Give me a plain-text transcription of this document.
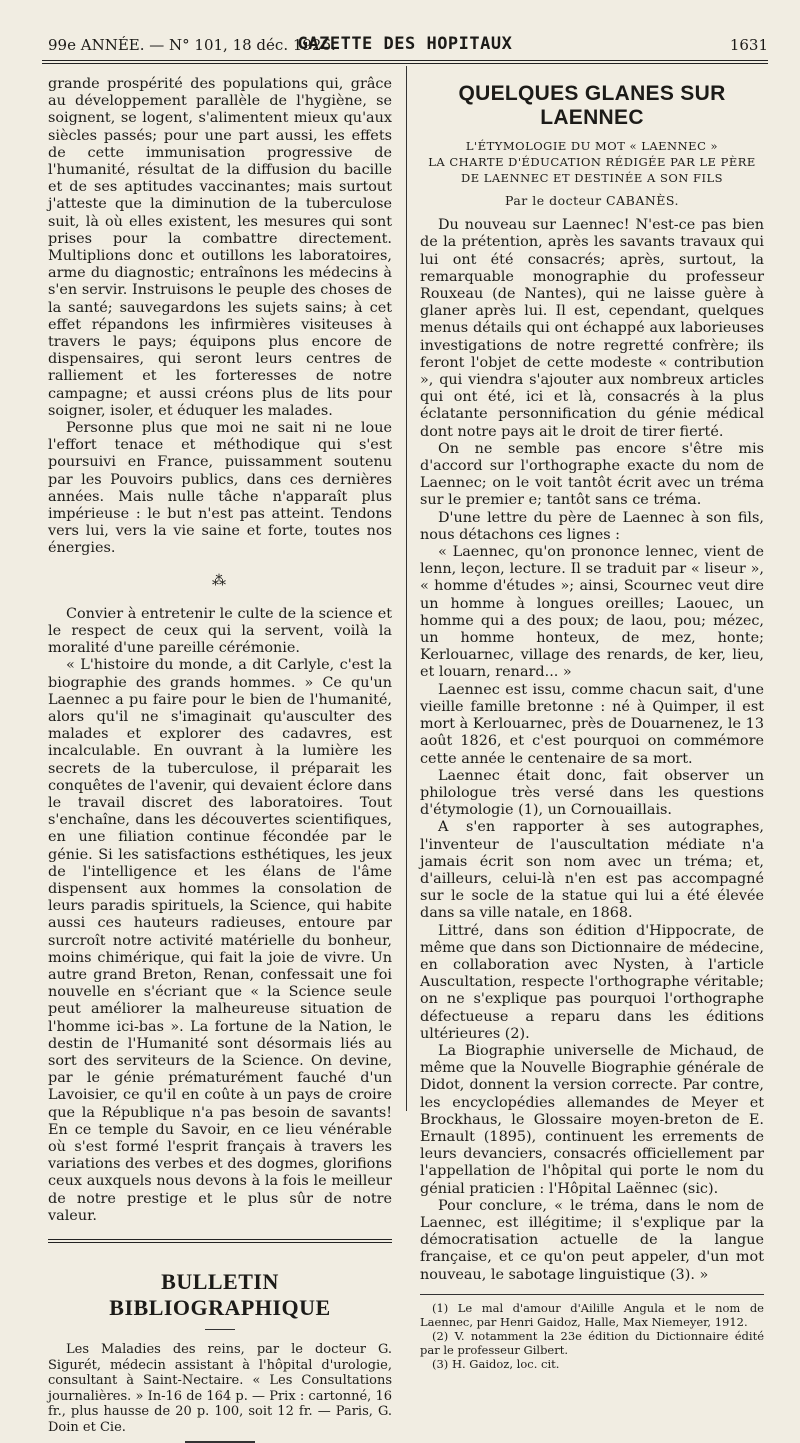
99e ANNÉE. — N° 101, 18 déc. 1926.
GAZETTE DES HOPITAUX	1631

grande prospérité des populations qui, grâce au développement parallèle de l'hygiène, se soignent, se logent, s'alimentent mieux qu'aux siècles passés; pour une part aussi, les effets de cette immunisation progressive de l'humanité, résultat de la diffusion du bacille et de ses aptitudes vaccinantes; mais surtout j'atteste que la diminution de la tuberculose suit, là où elles existent, les mesures qui sont prises pour la combattre directement. Multiplions donc et outillons les laboratoires, arme du diagnostic; entraînons les médecins à s'en servir. Instruisons le peuple des choses de la santé; sauvegardons les sujets sains; à cet effet répandons les infirmières visiteuses à travers le pays; équipons plus encore de dispensaires, qui seront leurs centres de ralliement et les forteresses de notre campagne; et aussi créons plus de lits pour soigner, isoler, et éduquer les malades.

Personne plus que moi ne sait ni ne loue l'effort tenace et méthodique qui s'est poursuivi en France, puissamment soutenu par les Pouvoirs publics, dans ces dernières années. Mais nulle tâche n'apparaît plus impérieuse : le but n'est pas atteint. Tendons vers lui, vers la vie saine et forte, toutes nos énergies.

⁂

Convier à entretenir le culte de la science et le respect de ceux qui la servent, voilà la moralité d'une pareille cérémonie.

« L'histoire du monde, a dit Carlyle, c'est la biographie des grands hommes. » Ce qu'un Laennec a pu faire pour le bien de l'humanité, alors qu'il ne s'imaginait qu'ausculter des malades et explorer des cadavres, est incalculable. En ouvrant à la lumière les secrets de la tuberculose, il préparait les conquêtes de l'avenir, qui devaient éclore dans le travail discret des laboratoires. Tout s'enchaîne, dans les découvertes scientifiques, en une filiation continue fécondée par le génie. Si les satisfactions esthétiques, les jeux de l'intelligence et les élans de l'âme dispensent aux hommes la consolation de leurs paradis spirituels, la Science, qui habite aussi ces hauteurs radieuses, entoure par surcroît notre activité matérielle du bonheur, moins chimérique, qui fait la joie de vivre. Un autre grand Breton, Renan, confessait une foi nouvelle en s'écriant que « la Science seule peut améliorer la malheureuse situation de l'homme ici-bas ». La fortune de la Nation, le destin de l'Humanité sont désormais liés au sort des serviteurs de la Science. On devine, par le génie prématurément fauché d'un Lavoisier, ce qu'il en coûte à un pays de croire que la République n'a pas besoin de savants! En ce temple du Savoir, en ce lieu vénérable où s'est formé l'esprit français à travers les variations des verbes et des dogmes, glorifions ceux auxquels nous devons à la fois le meilleur de notre prestige et le plus sûr de notre valeur.

BULLETIN BIBLIOGRAPHIQUE

Les Maladies des reins, par le docteur G. Sigurét, médecin assistant à l'hôpital d'urologie, consultant à Saint-Nectaire. « Les Consultations journalières. » In-16 de 164 p. — Prix : cartonné, 16 fr., plus hausse de 20 p. 100, soit 12 fr. — Paris, G. Doin et Cie.

QUELQUES GLANES SUR LAENNEC
L'ÉTYMOLOGIE DU MOT « LAENNEC »
LA CHARTE D'ÉDUCATION RÉDIGÉE PAR LE PÈRE DE LAENNEC ET DESTINÉE A SON FILS
Par le docteur CABANÈS.

Du nouveau sur Laennec! N'est-ce pas bien de la prétention, après les savants travaux qui lui ont été consacrés; après, surtout, la remarquable monographie du professeur Rouxeau (de Nantes), qui ne laisse guère à glaner après lui. Il est, cependant, quelques menus détails qui ont échappé aux laborieuses investigations de notre regretté confrère; ils feront l'objet de cette modeste « contribution », qui viendra s'ajouter aux nombreux articles qui ont été, ici et là, consacrés à la plus éclatante personnification du génie médical dont notre pays ait le droit de tirer fierté.

On ne semble pas encore s'être mis d'accord sur l'orthographe exacte du nom de Laennec; on le voit tantôt écrit avec un tréma sur le premier e; tantôt sans ce tréma.

D'une lettre du père de Laennec à son fils, nous détachons ces lignes :

« Laennec, qu'on prononce lennec, vient de lenn, leçon, lecture. Il se traduit par « liseur », « homme d'études »; ainsi, Scournec veut dire un homme à longues oreilles; Laouec, un homme qui a des poux; de laou, pou; mézec, un homme honteux, de mez, honte; Kerlouarnec, village des renards, de ker, lieu, et louarn, renard... »

Laennec est issu, comme chacun sait, d'une vieille famille bretonne : né à Quimper, il est mort à Kerlouarnec, près de Douarnenez, le 13 août 1826, et c'est pourquoi on commémore cette année le centenaire de sa mort.

Laennec était donc, fait observer un philologue très versé dans les questions d'étymologie (1), un Cornouaillais.

A s'en rapporter à ses autographes, l'inventeur de l'auscultation médiate n'a jamais écrit son nom avec un tréma; et, d'ailleurs, celui-là n'en est pas accompagné sur le socle de la statue qui lui a été élevée dans sa ville natale, en 1868.

Littré, dans son édition d'Hippocrate, de même que dans son Dictionnaire de médecine, en collaboration avec Nysten, à l'article Auscultation, respecte l'orthographe véritable; on ne s'explique pas pourquoi l'orthographe défectueuse a reparu dans les éditions ultérieures (2).

La Biographie universelle de Michaud, de même que la Nouvelle Biographie générale de Didot, donnent la version correcte. Par contre, les encyclopédies allemandes de Meyer et Brockhaus, le Glossaire moyen-breton de E. Ernault (1895), continuent les errements de leurs devanciers, consacrés officiellement par l'appellation de l'hôpital qui porte le nom du génial praticien : l'Hôpital Laënnec (sic).

Pour conclure, « le tréma, dans le nom de Laennec, est illégitime; il s'explique par la démocratisation actuelle de la langue française, et ce qu'on peut appeler, d'un mot nouveau, le sabotage linguistique (3). »

(1) Le mal d'amour d'Ailille Angula et le nom de Laennec, par Henri Gaidoz, Halle, Max Niemeyer, 1912.

(2) V. notamment la 23e édition du Dictionnaire édité par le professeur Gilbert.

(3) H. Gaidoz, loc. cit.
